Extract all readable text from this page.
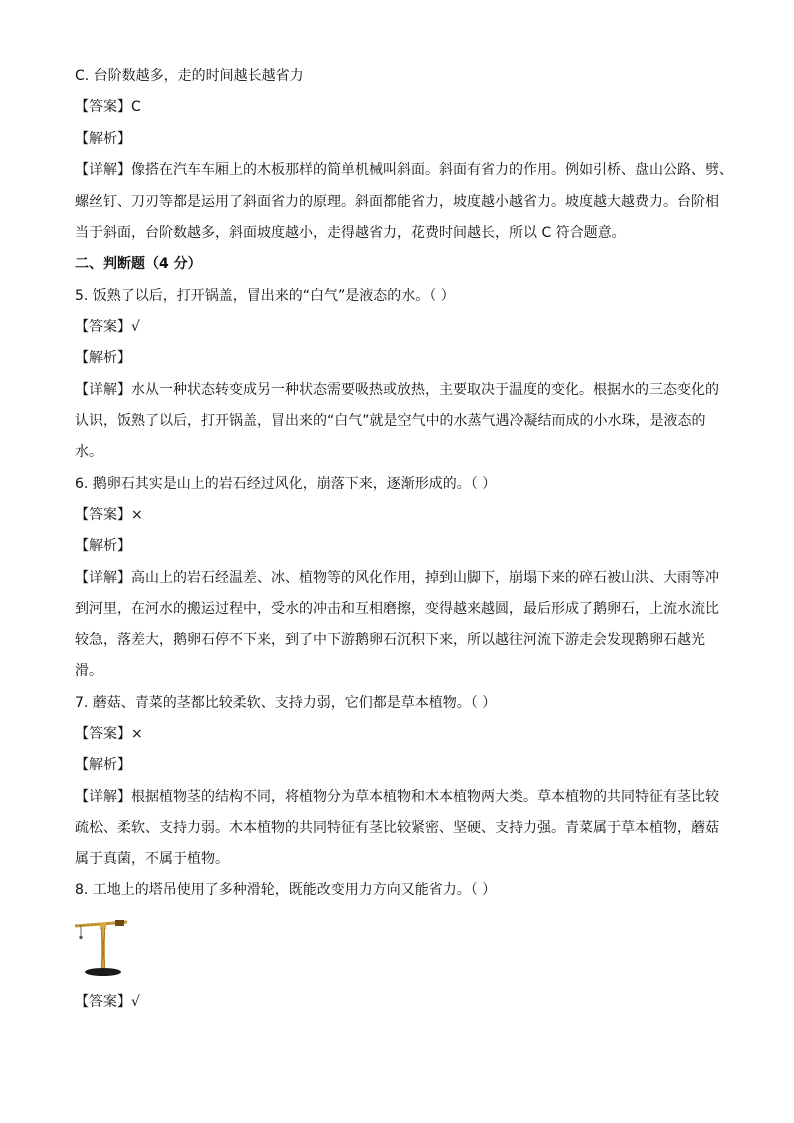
C. 台阶数越多，走的时间越长越省力
【答案】C
【解析】
【详解】像搭在汽车车厢上的木板那样的简单机械叫斜面。斜面有省力的作用。例如引桥、盘山公路、劈、
螺丝钉、刀刃等都是运用了斜面省力的原理。斜面都能省力，坡度越小越省力。坡度越大越费力。台阶相
当于斜面，台阶数越多，斜面坡度越小，走得越省力，花费时间越长，所以 C 符合题意。
二、判断题（4 分）
5. 饭熟了以后，打开锅盖，冒出来的“白气”是液态的水。（ ）
【答案】√
【解析】
【详解】水从一种状态转变成另一种状态需要吸热或放热，主要取决于温度的变化。根据水的三态变化的
认识，饭熟了以后，打开锅盖，冒出来的“白气”就是空气中的水蒸气遇冷凝结而成的小水珠，是液态的
水。
6. 鹅卵石其实是山上的岩石经过风化，崩落下来，逐渐形成的。（ ）
【答案】×
【解析】
【详解】高山上的岩石经温差、冰、植物等的风化作用，掉到山脚下，崩塌下来的碎石被山洪、大雨等冲
到河里，在河水的搬运过程中，受水的冲击和互相磨擦，变得越来越圆，最后形成了鹅卵石，上流水流比
较急，落差大，鹅卵石停不下来，到了中下游鹅卵石沉积下来，所以越往河流下游走会发现鹅卵石越光
滑。
7. 蘑菇、青菜的茎都比较柔软、支持力弱，它们都是草本植物。（ ）
【答案】×
【解析】
【详解】根据植物茎的结构不同，将植物分为草本植物和木本植物两大类。草本植物的共同特征有茎比较
疏松、柔软、支持力弱。木本植物的共同特征有茎比较紧密、坚硬、支持力强。青菜属于草本植物，蘑菇
属于真菌，不属于植物。
8. 工地上的塔吊使用了多种滑轮，既能改变用力方向又能省力。（ ）
【答案】√
